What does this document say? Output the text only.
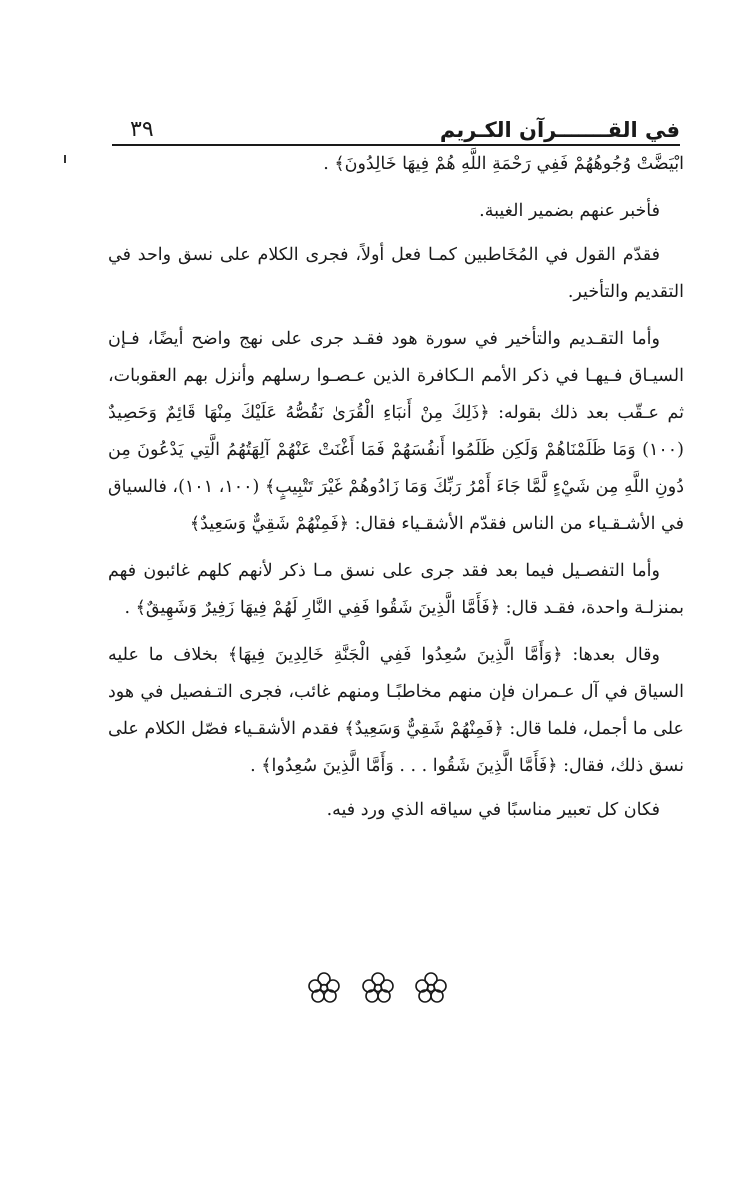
في القـــــــرآن الكـريم
٣٩

ابْيَضَّتْ وُجُوهُهُمْ فَفِي رَحْمَةِ اللَّهِ هُمْ فِيهَا خَالِدُونَ﴾ .

فأخبر عنهم بضمير الغيبة.

فقدّم القول في المُخَاطبين كمـا فعل أولاً، فجرى الكلام على نسق واحد في التقديم والتأخير.

وأما التقـديم والتأخير في سورة هود فقـد جرى على نهج واضح أيضًا، فـإن السيـاق فـيهـا في ذكر الأمم الـكافرة الذين عـصـوا رسلهم وأنزل بهم العقوبات، ثم عـقّب بعد ذلك بقوله: ﴿ذَلِكَ مِنْ أَنبَاءِ الْقُرَىٰ نَقُصُّهُ عَلَيْكَ مِنْهَا قَائِمٌ وَحَصِيدٌ (١٠٠) وَمَا ظَلَمْنَاهُمْ وَلَكِن ظَلَمُوا أَنفُسَهُمْ فَمَا أَغْنَتْ عَنْهُمْ آلِهَتُهُمُ الَّتِي يَدْعُونَ مِن دُونِ اللَّهِ مِن شَيْءٍ لَّمَّا جَاءَ أَمْرُ رَبِّكَ وَمَا زَادُوهُمْ غَيْرَ تَتْبِيبٍ﴾ (١٠٠، ١٠١)، فالسياق في الأشـقـياء من الناس فقدّم الأشقـياء فقال: ﴿فَمِنْهُمْ شَقِيٌّ وَسَعِيدٌ﴾

وأما التفصـيل فيما بعد فقد جرى على نسق مـا ذكر لأنهم كلهم غائبون فهم بمنزلـة واحدة، فقـد قال: ﴿فَأَمَّا الَّذِينَ شَقُوا فَفِي النَّارِ لَهُمْ فِيهَا زَفِيرٌ وَشَهِيقٌ﴾ .

وقال بعدها: ﴿وَأَمَّا الَّذِينَ سُعِدُوا فَفِي الْجَنَّةِ خَالِدِينَ فِيهَا﴾ بخلاف ما عليه السياق في آل عـمران فإن منهم مخاطبًـا ومنهم غائب، فجرى التـفصيل في هود على ما أجمل، فلما قال: ﴿فَمِنْهُمْ شَقِيٌّ وَسَعِيدٌ﴾ فقدم الأشقـياء فصّل الكلام على نسق ذلك، فقال: ﴿فَأَمَّا الَّذِينَ شَقُوا . . . وَأَمَّا الَّذِينَ سُعِدُوا﴾ .

فكان كل تعبير مناسبًا في سياقه الذي ورد فيه.
